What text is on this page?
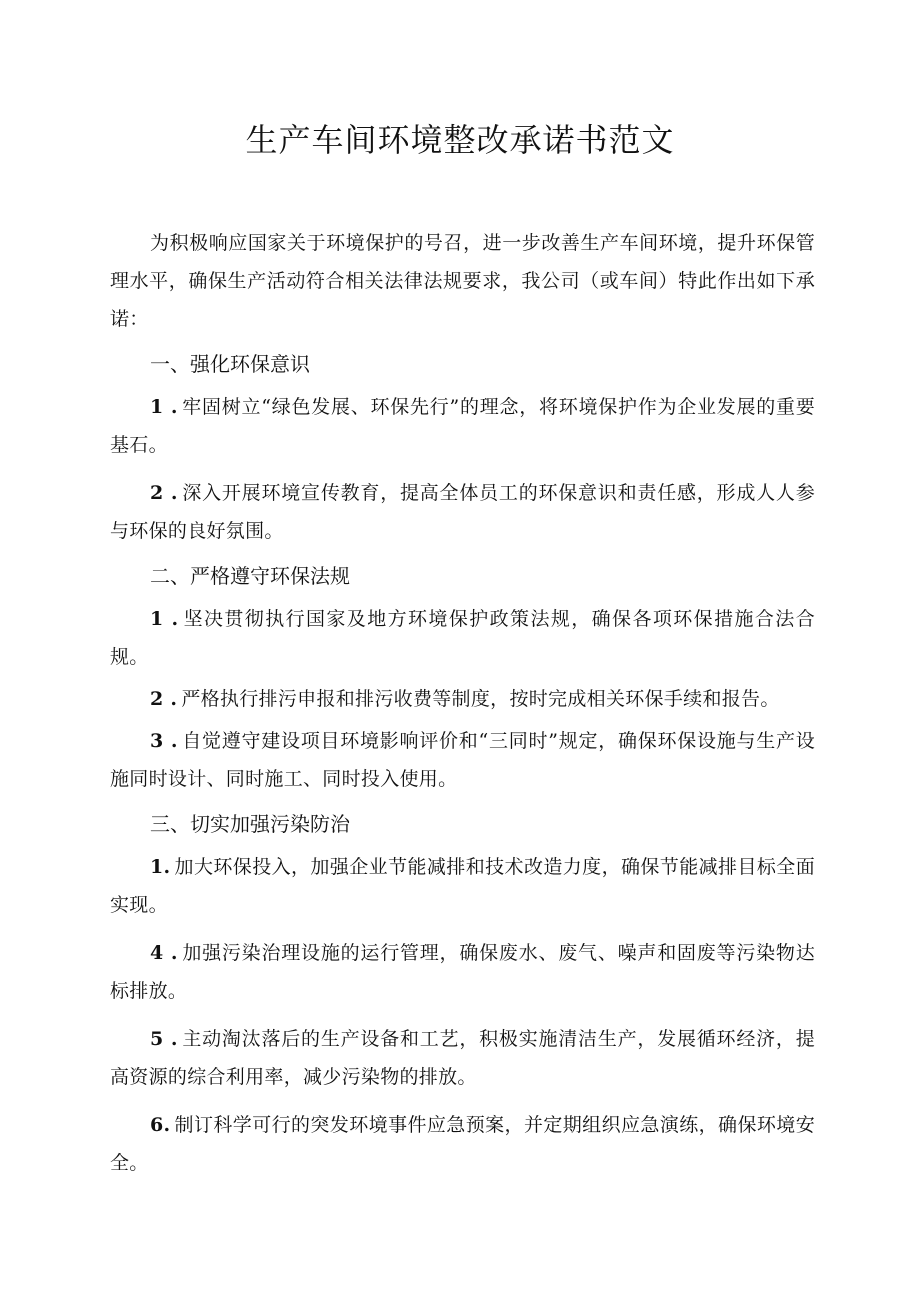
生产车间环境整改承诺书范文

为积极响应国家关于环境保护的号召，进一步改善生产车间环境，提升环保管理水平，确保生产活动符合相关法律法规要求，我公司（或车间）特此作出如下承诺：

一、强化环保意识

1 . 牢固树立“绿色发展、环保先行”的理念，将环境保护作为企业发展的重要基石。

2 . 深入开展环境宣传教育，提高全体员工的环保意识和责任感，形成人人参与环保的良好氛围。

二、严格遵守环保法规

1 . 坚决贯彻执行国家及地方环境保护政策法规，确保各项环保措施合法合规。

2 . 严格执行排污申报和排污收费等制度，按时完成相关环保手续和报告。

3 . 自觉遵守建设项目环境影响评价和“三同时”规定，确保环保设施与生产设施同时设计、同时施工、同时投入使用。

三、切实加强污染防治

1. 加大环保投入，加强企业节能减排和技术改造力度，确保节能减排目标全面实现。

4 . 加强污染治理设施的运行管理，确保废水、废气、噪声和固废等污染物达标排放。

5 . 主动淘汰落后的生产设备和工艺，积极实施清洁生产，发展循环经济，提高资源的综合利用率，减少污染物的排放。

6. 制订科学可行的突发环境事件应急预案，并定期组织应急演练，确保环境安全。
